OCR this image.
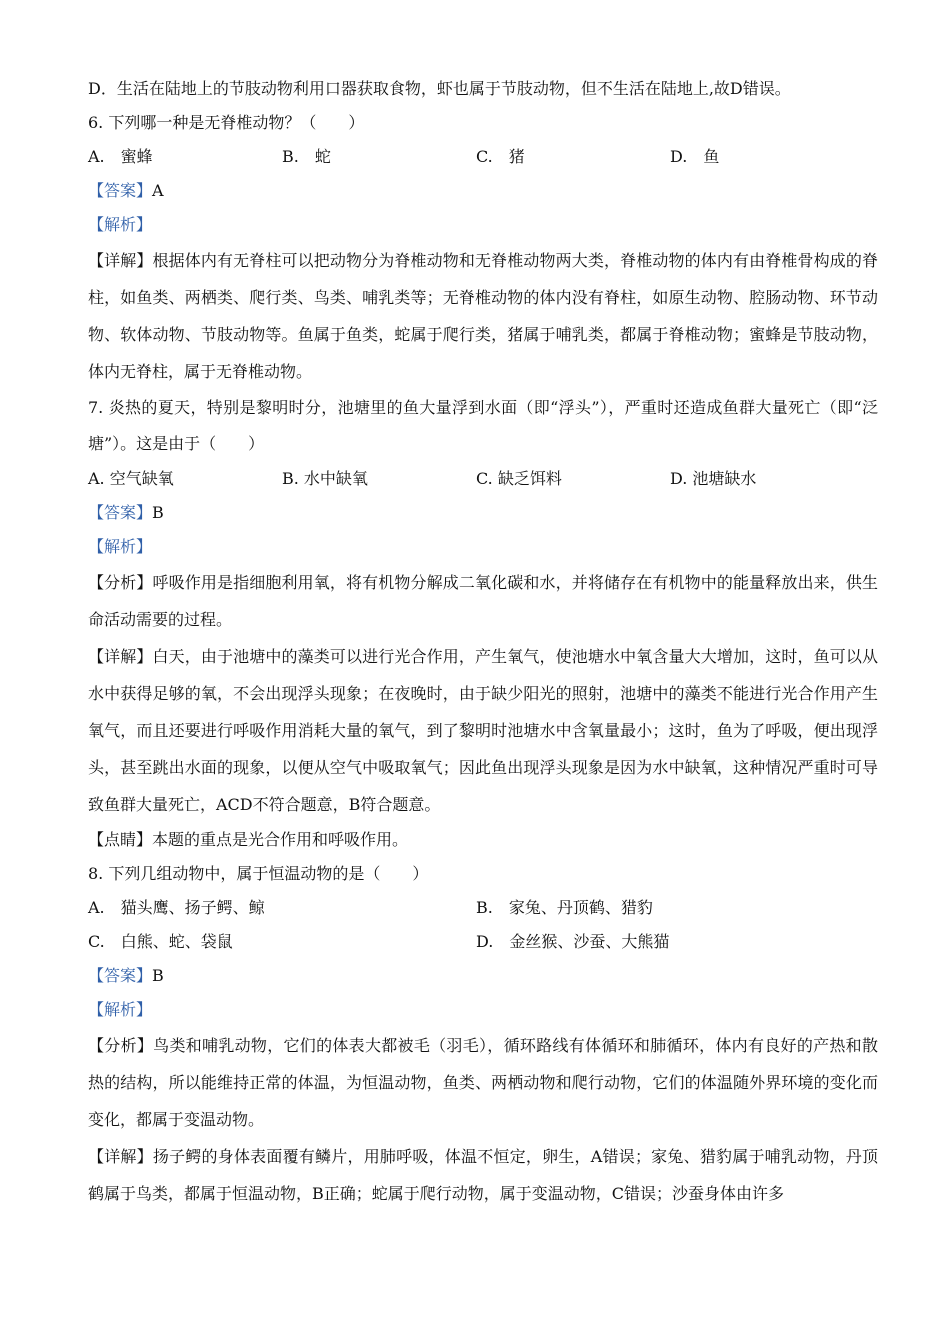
D．生活在陆地上的节肢动物利用口器获取食物，虾也属于节肢动物，但不生活在陆地上,故D错误。
6. 下列哪一种是无脊椎动物？（　　）
A.　蜜蜂	B.　蛇	C.　猪	D.　鱼
【答案】A
【解析】

【详解】根据体内有无脊柱可以把动物分为脊椎动物和无脊椎动物两大类，脊椎动物的体内有由脊椎骨构成的脊柱，如鱼类、两栖类、爬行类、鸟类、哺乳类等；无脊椎动物的体内没有脊柱，如原生动物、腔肠动物、环节动物、软体动物、节肢动物等。鱼属于鱼类，蛇属于爬行类，猪属于哺乳类，都属于脊椎动物；蜜蜂是节肢动物，体内无脊柱，属于无脊椎动物。

7. 炎热的夏天，特别是黎明时分，池塘里的鱼大量浮到水面（即“浮头”），严重时还造成鱼群大量死亡（即“泛塘”）。这是由于（　　）

A. 空气缺氧	B. 水中缺氧	C. 缺乏饵料	D. 池塘缺水
【答案】B
【解析】

【分析】呼吸作用是指细胞利用氧，将有机物分解成二氧化碳和水，并将储存在有机物中的能量释放出来，供生命活动需要的过程。

【详解】白天，由于池塘中的藻类可以进行光合作用，产生氧气，使池塘水中氧含量大大增加，这时，鱼可以从水中获得足够的氧，不会出现浮头现象；在夜晚时，由于缺少阳光的照射，池塘中的藻类不能进行光合作用产生氧气，而且还要进行呼吸作用消耗大量的氧气，到了黎明时池塘水中含氧量最小；这时，鱼为了呼吸，便出现浮头，甚至跳出水面的现象，以便从空气中吸取氧气；因此鱼出现浮头现象是因为水中缺氧，这种情况严重时可导致鱼群大量死亡，ACD不符合题意，B符合题意。

【点睛】本题的重点是光合作用和呼吸作用。
8. 下列几组动物中，属于恒温动物的是（　　）
A.　猫头鹰、扬子鳄、鲸	B.　家兔、丹顶鹤、猎豹
C.　白熊、蛇、袋鼠	D.　金丝猴、沙蚕、大熊猫
【答案】B
【解析】

【分析】鸟类和哺乳动物，它们的体表大都被毛（羽毛），循环路线有体循环和肺循环，体内有良好的产热和散热的结构，所以能维持正常的体温，为恒温动物，鱼类、两栖动物和爬行动物，它们的体温随外界环境的变化而变化，都属于变温动物。

【详解】扬子鳄的身体表面覆有鳞片，用肺呼吸，体温不恒定，卵生，A错误；家兔、猎豹属于哺乳动物，丹顶鹤属于鸟类，都属于恒温动物，B正确；蛇属于爬行动物，属于变温动物，C错误；沙蚕身体由许多
